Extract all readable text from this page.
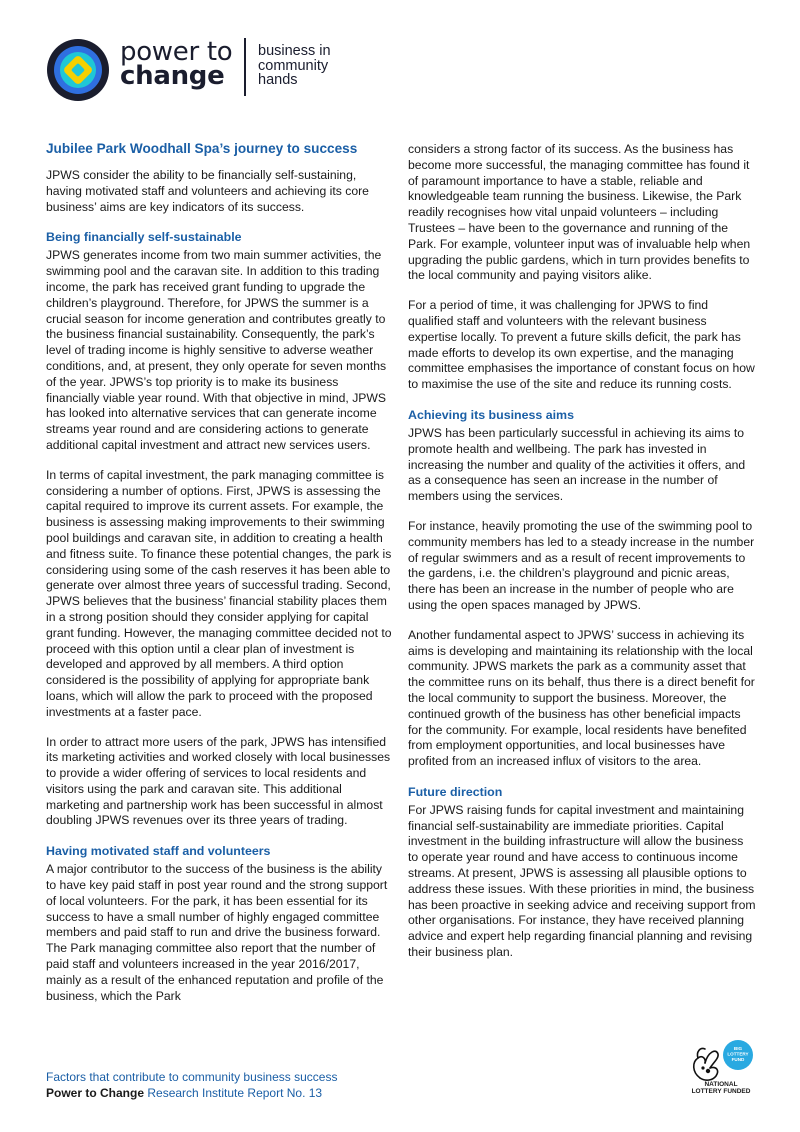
power to
change
business in
community
hands
Jubilee Park Woodhall Spa’s journey to success

JPWS consider the ability to be financially self-sustaining, having motivated staff and volunteers and achieving its core business’ aims are key indicators of its success.

Being financially self-sustainable

JPWS generates income from two main summer activities, the swimming pool and the caravan site. In addition to this trading income, the park has received grant funding to upgrade the children’s playground. Therefore, for JPWS the summer is a crucial season for income generation and contributes greatly to the business financial sustainability. Consequently, the park’s level of trading income is highly sensitive to adverse weather conditions, and, at present, they only operate for seven months of the year. JPWS’s top priority is to make its business financially viable year round. With that objective in mind, JPWS has looked into alternative services that can generate income streams year round and are considering actions to generate additional capital investment and attract new services users.

In terms of capital investment, the park managing committee is considering a number of options. First, JPWS is assessing the capital required to improve its current assets. For example, the business is assessing making improvements to their swimming pool buildings and caravan site, in addition to creating a health and fitness suite. To finance these potential changes, the park is considering using some of the cash reserves it has been able to generate over almost three years of successful trading. Second, JPWS believes that the business’ financial stability places them in a strong position should they consider applying for capital grant funding. However, the managing committee decided not to proceed with this option until a clear plan of investment is developed and approved by all members. A third option considered is the possibility of applying for appropriate bank loans, which will allow the park to proceed with the proposed investments at a faster pace.

In order to attract more users of the park, JPWS has intensified its marketing activities and worked closely with local businesses to provide a wider offering of services to local residents and visitors using the park and caravan site. This additional marketing and partnership work has been successful in almost doubling JPWS revenues over its three years of trading.

Having motivated staff and volunteers

A major contributor to the success of the business is the ability to have key paid staff in post year round and the strong support of local volunteers. For the park, it has been essential for its success to have a small number of highly engaged committee members and paid staff to run and drive the business forward. The Park managing committee also report that the number of paid staff and volunteers increased in the year 2016/2017, mainly as a result of the enhanced reputation and profile of the business, which the Park

considers a strong factor of its success. As the business has become more successful, the managing committee has found it of paramount importance to have a stable, reliable and knowledgeable team running the business. Likewise, the Park readily recognises how vital unpaid volunteers – including Trustees – have been to the governance and running of the Park. For example, volunteer input was of invaluable help when upgrading the public gardens, which in turn provides benefits to the local community and paying visitors alike.

For a period of time, it was challenging for JPWS to find qualified staff and volunteers with the relevant business expertise locally. To prevent a future skills deficit, the park has made efforts to develop its own expertise, and the managing committee emphasises the importance of constant focus on how to maximise the use of the site and reduce its running costs.

Achieving its business aims

JPWS has been particularly successful in achieving its aims to promote health and wellbeing. The park has invested in increasing the number and quality of the activities it offers, and as a consequence has seen an increase in the number of members using the services.

For instance, heavily promoting the use of the swimming pool to community members has led to a steady increase in the number of regular swimmers and as a result of recent improvements to the gardens, i.e. the children’s playground and picnic areas, there has been an increase in the number of people who are using the open spaces managed by JPWS.

Another fundamental aspect to JPWS’ success in achieving its aims is developing and maintaining its relationship with the local community. JPWS markets the park as a community asset that the committee runs on its behalf, thus there is a direct benefit for the local community to support the business. Moreover, the continued growth of the business has other beneficial impacts for the community. For example, local residents have benefited from employment opportunities, and local businesses have profited from an increased influx of visitors to the area.

Future direction

For JPWS raising funds for capital investment and maintaining financial self-sustainability are immediate priorities. Capital investment in the building infrastructure will allow the business to operate year round and have access to continuous income streams. At present, JPWS is assessing all plausible options to address these issues. With these priorities in mind, the business has been proactive in seeking advice and receiving support from other organisations. For instance, they have received planning advice and expert help regarding financial planning and revising their business plan.

Factors that contribute to community business success
Power to Change Research Institute Report No. 13
BIG
LOTTERY
FUND
NATIONAL
LOTTERY FUNDED
